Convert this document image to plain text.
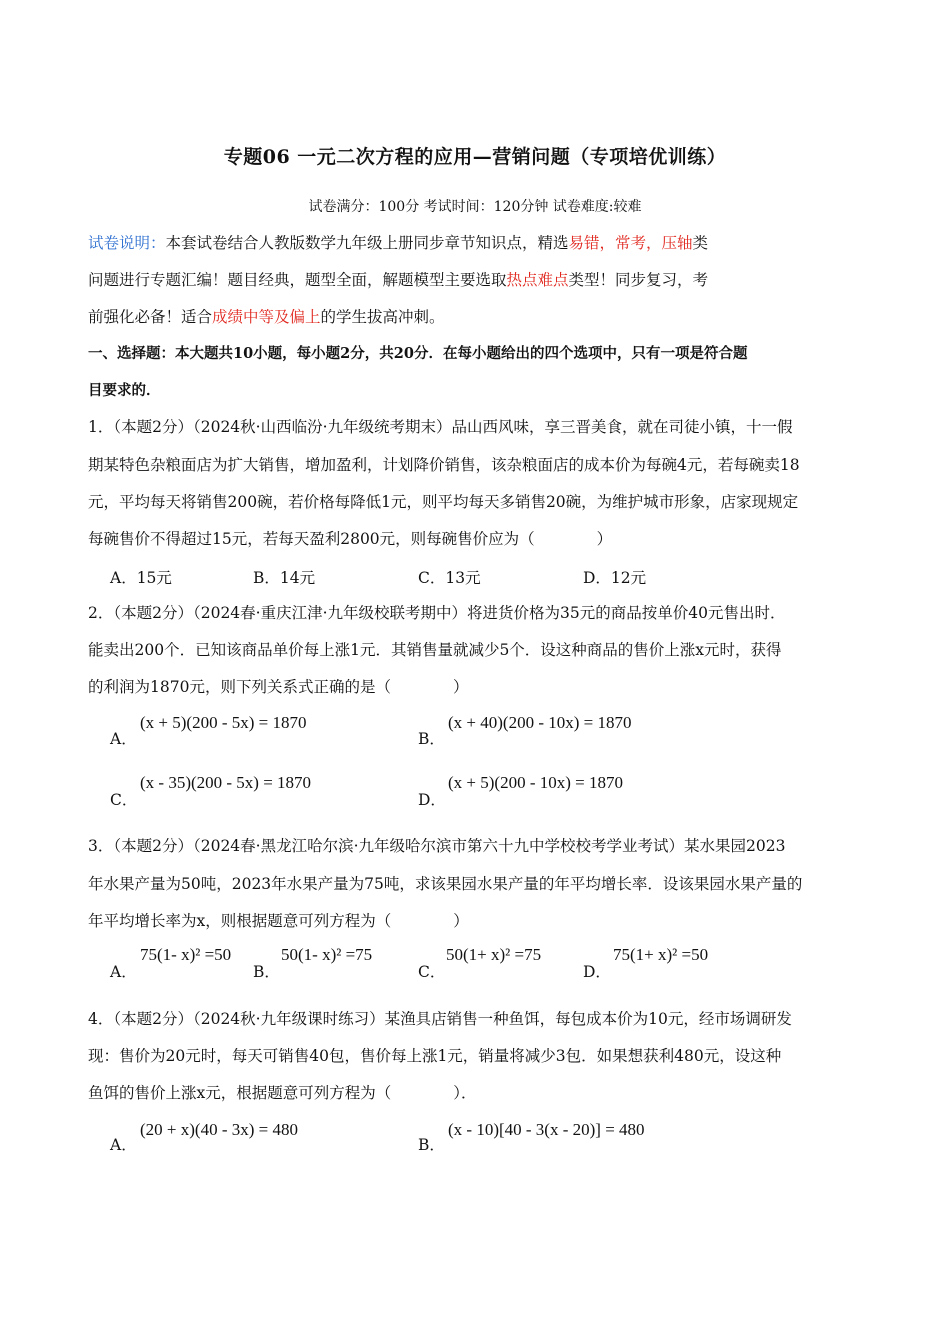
专题06 一元二次方程的应用—营销问题（专项培优训练）
试卷满分：100分 考试时间：120分钟 试卷难度:较难
试卷说明：本套试卷结合人教版数学九年级上册同步章节知识点，精选易错，常考，压轴类
问题进行专题汇编！题目经典，题型全面，解题模型主要选取热点难点类型！同步复习，考
前强化必备！适合成绩中等及偏上的学生拔高冲刺。
一、选择题：本大题共10小题，每小题2分，共20分．在每小题给出的四个选项中，只有一项是符合题
目要求的．
1．（本题2分）（2024秋·山西临汾·九年级统考期末）品山西风味，享三晋美食，就在司徒小镇，十一假
期某特色杂粮面店为扩大销售，增加盈利，计划降价销售，该杂粮面店的成本价为每碗4元，若每碗卖18
元，平均每天将销售200碗，若价格每降低1元，则平均每天多销售20碗，为维护城市形象，店家现规定
每碗售价不得超过15元，若每天盈利2800元，则每碗售价应为（　　　　）
A．15元	B．14元	C．13元	D．12元
2．（本题2分）（2024春·重庆江津·九年级校联考期中）将进货价格为35元的商品按单价40元售出时．
能卖出200个．已知该商品单价每上涨1元．其销售量就减少5个．设这种商品的售价上涨x元时，获得
的利润为1870元，则下列关系式正确的是（　　　　）
A．
(x + 5)(200 - 5x) = 1870
B．
(x + 40)(200 - 10x) = 1870
C．
(x - 35)(200 - 5x) = 1870
D．
(x + 5)(200 - 10x) = 1870
3．（本题2分）（2024春·黑龙江哈尔滨·九年级哈尔滨市第六十九中学校校考学业考试）某水果园2023
年水果产量为50吨，2023年水果产量为75吨，求该果园水果产量的年平均增长率．设该果园水果产量的
年平均增长率为x，则根据题意可列方程为（　　　　）
A．
75(1- x)² =50
B．
50(1- x)² =75
C．
50(1+ x)² =75
D．
75(1+ x)² =50
4．（本题2分）（2024秋·九年级课时练习）某渔具店销售一种鱼饵，每包成本价为10元，经市场调研发
现：售价为20元时，每天可销售40包，售价每上涨1元，销量将减少3包．如果想获利480元，设这种
鱼饵的售价上涨x元，根据题意可列方程为（　　　　）．
A．
(20 + x)(40 - 3x) = 480
B．
(x - 10)[40 - 3(x - 20)] = 480
